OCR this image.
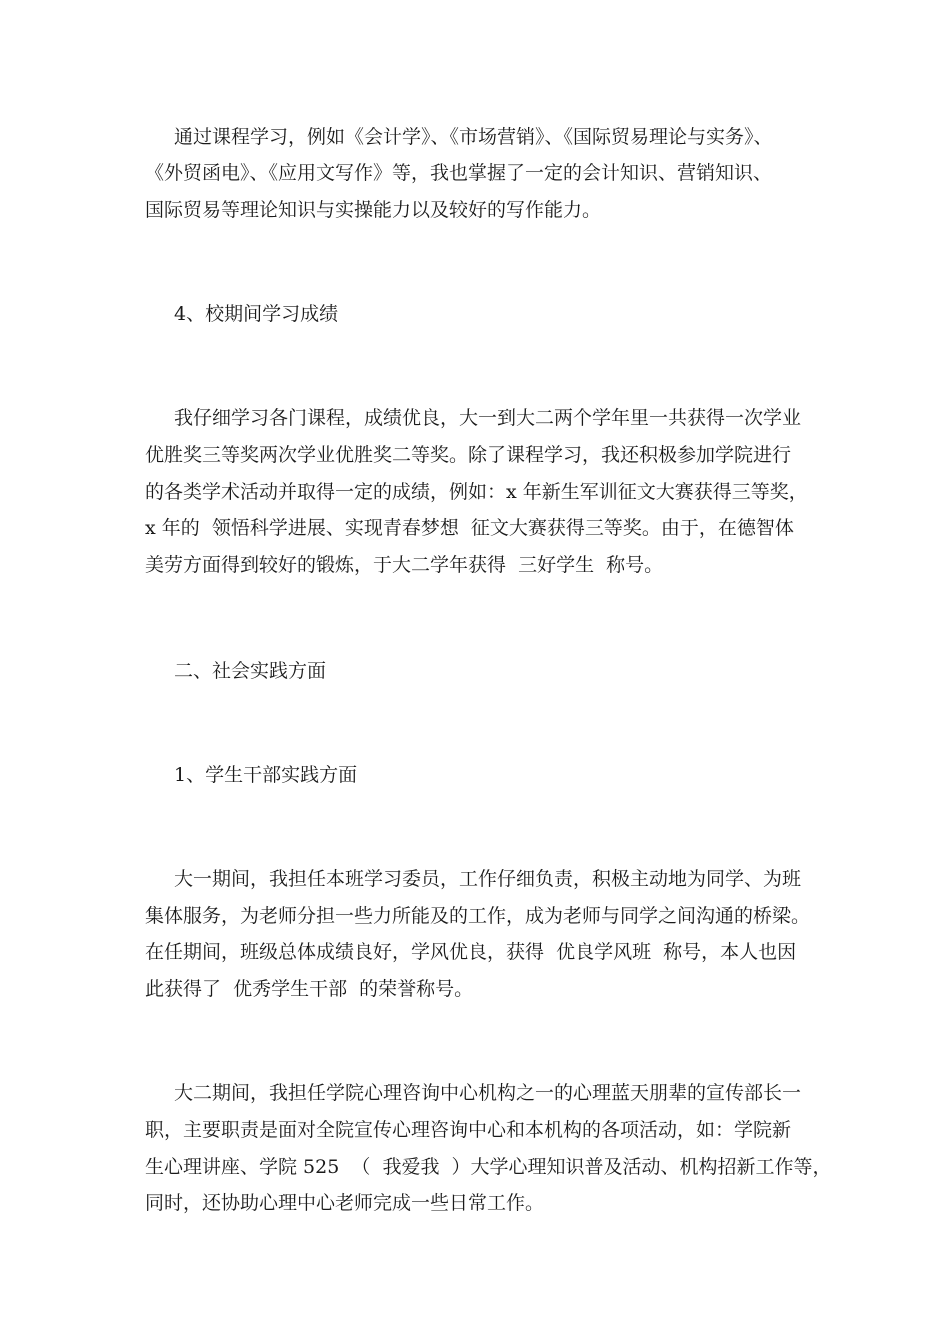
通过课程学习，例如《会计学》、《市场营销》、《国际贸易理论与实务》、
《外贸函电》、《应用文写作》等，我也掌握了一定的会计知识、营销知识、
国际贸易等理论知识与实操能力以及较好的写作能力。
4、校期间学习成绩
我仔细学习各门课程，成绩优良，大一到大二两个学年里一共获得一次学业
优胜奖三等奖两次学业优胜奖二等奖。除了课程学习，我还积极参加学院进行
的各类学术活动并取得一定的成绩，例如：x 年新生军训征文大赛获得三等奖，
x 年的  领悟科学进展、实现青春梦想  征文大赛获得三等奖。由于，在德智体
美劳方面得到较好的锻炼，于大二学年获得  三好学生  称号。
二、社会实践方面
1、学生干部实践方面
大一期间，我担任本班学习委员，工作仔细负责，积极主动地为同学、为班
集体服务，为老师分担一些力所能及的工作，成为老师与同学之间沟通的桥梁。
在任期间，班级总体成绩良好，学风优良，获得  优良学风班  称号，本人也因
此获得了  优秀学生干部  的荣誉称号。
大二期间，我担任学院心理咨询中心机构之一的心理蓝天朋辈的宣传部长一
职，主要职责是面对全院宣传心理咨询中心和本机构的各项活动，如：学院新
生心理讲座、学院 525  （  我爱我  ）大学心理知识普及活动、机构招新工作等，
同时，还协助心理中心老师完成一些日常工作。
